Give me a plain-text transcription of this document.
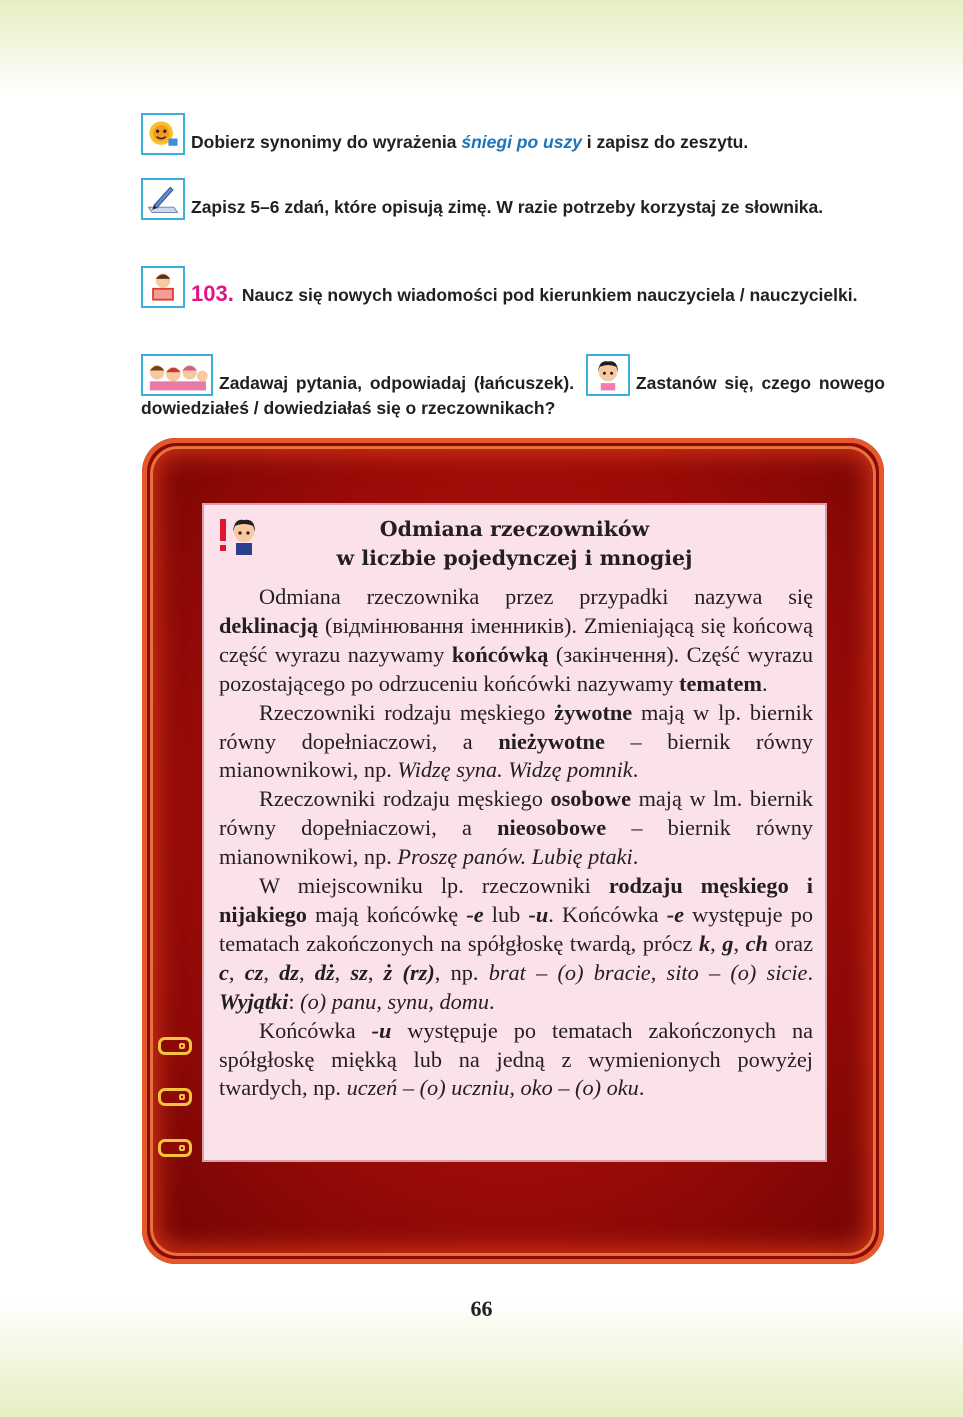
Dobierz synonimy do wyrażenia śniegi po uszy i zapisz do zeszytu.
Zapisz 5–6 zdań, które opisują zimę. W razie potrzeby korzystaj ze słownika.
103. Naucz się nowych wiadomości pod kierunkiem nauczyciela / nauczycielki.
Zadawaj pytania, odpowiadaj (łańcuszek).	Zastanów się, czego nowego dowiedziałeś / dowiedziałaś się o rzeczownikach?
Odmiana rzeczowników
w liczbie pojedynczej i mnogiej

Odmiana rzeczownika przez przypadki nazywa się deklinacją (відмінювання іменників). Zmieniającą się końcową część wyrazu nazywamy końcówką (закінчення). Część wyrazu pozostającego po odrzuceniu końcówki nazywamy tematem.

Rzeczowniki rodzaju męskiego żywotne mają w lp. biernik równy dopełniaczowi, a nieżywotne – biernik równy mianownikowi, np. Widzę syna. Widzę pomnik.

Rzeczowniki rodzaju męskiego osobowe mają w lm. biernik równy dopełniaczowi, a nieosobowe – biernik równy mianownikowi, np. Proszę panów. Lubię ptaki.

W miejscowniku lp. rzeczowniki rodzaju męskiego i nijakiego mają końcówkę -e lub -u. Końcówka -e występuje po tematach zakończonych na spółgłoskę twardą, prócz k, g, ch oraz c, cz, dz, dż, sz, ż (rz), np. brat – (o) bracie, sito – (o) sicie. Wyjątki: (o) panu, synu, domu.

Końcówka -u występuje po tematach zakończonych na spółgłoskę miękką lub na jedną z wymienionych powyżej twardych, np. uczeń – (o) uczniu, oko – (o) oku.

66
